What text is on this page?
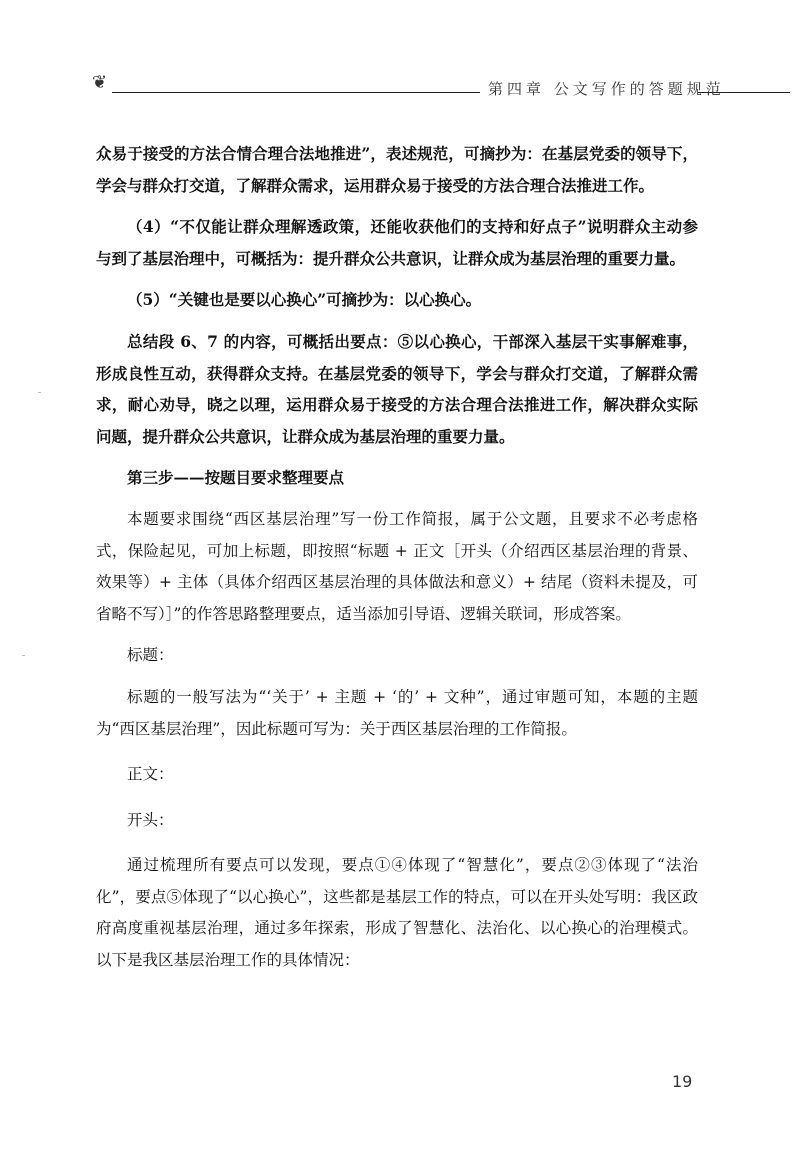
❦	第四章 公文写作的答题规范

众易于接受的方法合情合理合法地推进”，表述规范，可摘抄为：在基层党委的领导下，学会与群众打交道，了解群众需求，运用群众易于接受的方法合理合法推进工作。

（4）“不仅能让群众理解透政策，还能收获他们的支持和好点子”说明群众主动参与到了基层治理中，可概括为：提升群众公共意识，让群众成为基层治理的重要力量。

（5）“关键也是要以心换心”可摘抄为：以心换心。

总结段 6、7 的内容，可概括出要点：⑤以心换心，干部深入基层干实事解难事，形成良性互动，获得群众支持。在基层党委的领导下，学会与群众打交道，了解群众需求，耐心劝导，晓之以理，运用群众易于接受的方法合理合法推进工作，解决群众实际问题，提升群众公共意识，让群众成为基层治理的重要力量。

第三步——按题目要求整理要点

本题要求围绕“西区基层治理”写一份工作简报，属于公文题，且要求不必考虑格式，保险起见，可加上标题，即按照“标题 + 正文［开头（介绍西区基层治理的背景、效果等）+ 主体（具体介绍西区基层治理的具体做法和意义）+ 结尾（资料未提及，可省略不写）］”的作答思路整理要点，适当添加引导语、逻辑关联词，形成答案。

标题：

标题的一般写法为“‘关于’ + 主题 + ‘的’ + 文种”，通过审题可知，本题的主题为“西区基层治理”，因此标题可写为：关于西区基层治理的工作简报。

正文：

开头：

通过梳理所有要点可以发现，要点①④体现了“智慧化”，要点②③体现了“法治化”，要点⑤体现了“以心换心”，这些都是基层工作的特点，可以在开头处写明：我区政府高度重视基层治理，通过多年探索，形成了智慧化、法治化、以心换心的治理模式。以下是我区基层治理工作的具体情况：

19
